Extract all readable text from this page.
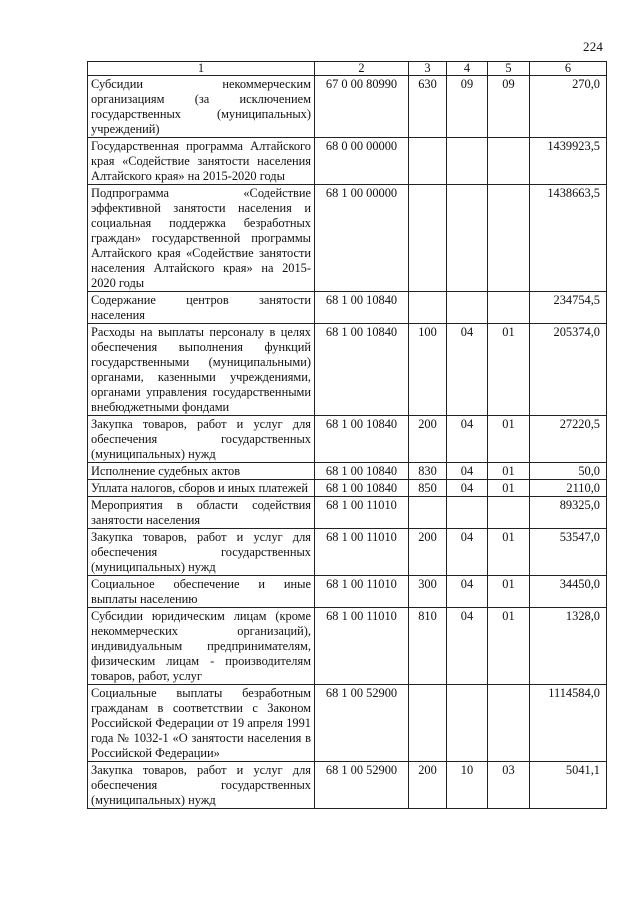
224
1	2	3	4	5	6
Субсидии некоммерческим организациям (за исключением государственных (муниципальных) учреждений)	67 0 00 80990	630	09	09	270,0
Государственная программа Алтайского края «Содействие занятости населения Алтайского края» на 2015-2020 годы	68 0 00 00000				1439923,5
Подпрограмма «Содействие эффективной занятости населения и социальная поддержка безработных граждан» государственной программы Алтайского края «Содействие занятости населения Алтайского края» на 2015-2020 годы	68 1 00 00000				1438663,5
Содержание центров занятости населения	68 1 00 10840				234754,5
Расходы на выплаты персоналу в целях обеспечения выполнения функций государственными (муниципальными) органами, казенными учреждениями, органами управления государственными внебюджетными фондами	68 1 00 10840	100	04	01	205374,0
Закупка товаров, работ и услуг для обеспечения государственных (муниципальных) нужд	68 1 00 10840	200	04	01	27220,5
Исполнение судебных актов	68 1 00 10840	830	04	01	50,0
Уплата налогов, сборов и иных платежей	68 1 00 10840	850	04	01	2110,0
Мероприятия в области содействия занятости населения	68 1 00 11010				89325,0
Закупка товаров, работ и услуг для обеспечения государственных (муниципальных) нужд	68 1 00 11010	200	04	01	53547,0
Социальное обеспечение и иные выплаты населению	68 1 00 11010	300	04	01	34450,0
Субсидии юридическим лицам (кроме некоммерческих организаций), индивидуальным предпринимателям, физическим лицам - производителям товаров, работ, услуг	68 1 00 11010	810	04	01	1328,0
Социальные выплаты безработным гражданам в соответствии с Законом Российской Федерации от 19 апреля 1991 года № 1032-1 «О занятости населения в Российской Федерации»	68 1 00 52900				1114584,0
Закупка товаров, работ и услуг для обеспечения государственных (муниципальных) нужд	68 1 00 52900	200	10	03	5041,1
